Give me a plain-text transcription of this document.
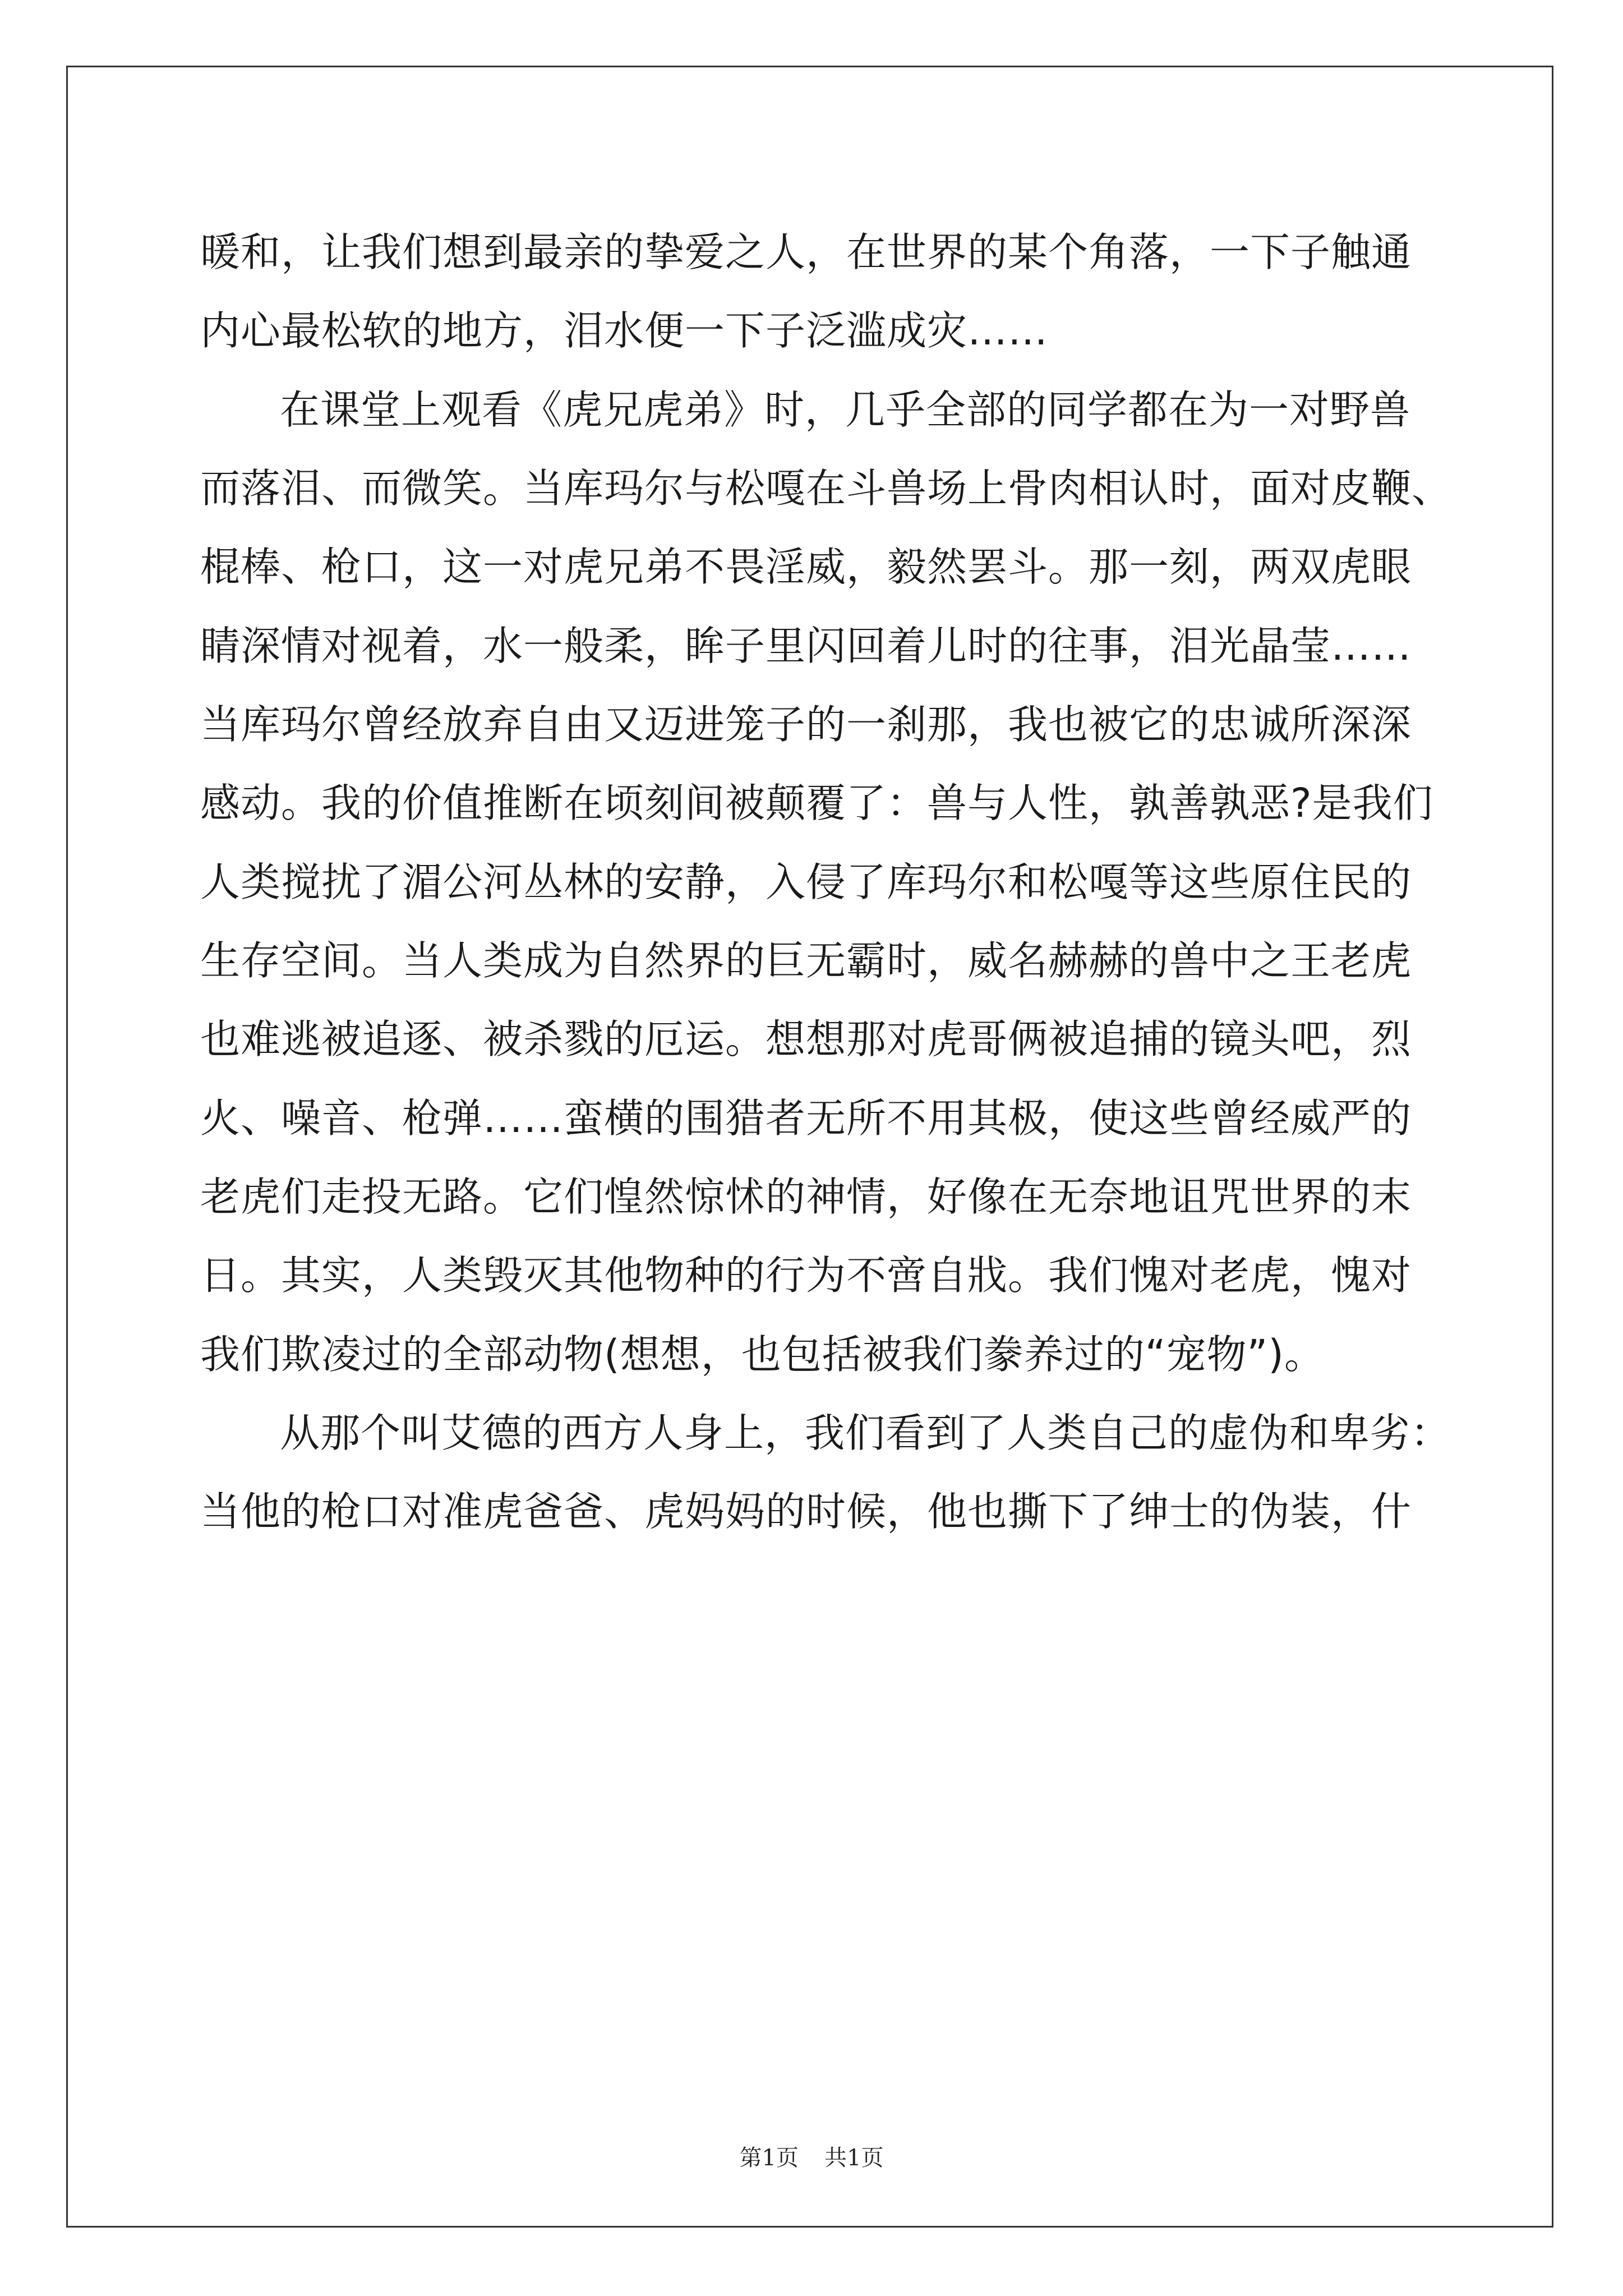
暖和，让我们想到最亲的挚爱之人，在世界的某个角落，一下子触通
内心最松软的地方，泪水便一下子泛滥成灾……
在课堂上观看《虎兄虎弟》时，几乎全部的同学都在为一对野兽
而落泪、而微笑。当库玛尔与松嘎在斗兽场上骨肉相认时，面对皮鞭、
棍棒、枪口，这一对虎兄弟不畏淫威，毅然罢斗。那一刻，两双虎眼
睛深情对视着，水一般柔，眸子里闪回着儿时的往事，泪光晶莹……
当库玛尔曾经放弃自由又迈进笼子的一刹那，我也被它的忠诚所深深
感动。我的价值推断在顷刻间被颠覆了：兽与人性，孰善孰恶?是我们
人类搅扰了湄公河丛林的安静，入侵了库玛尔和松嘎等这些原住民的
生存空间。当人类成为自然界的巨无霸时，威名赫赫的兽中之王老虎
也难逃被追逐、被杀戮的厄运。想想那对虎哥俩被追捕的镜头吧，烈
火、噪音、枪弹……蛮横的围猎者无所不用其极，使这些曾经威严的
老虎们走投无路。它们惶然惊怵的神情，好像在无奈地诅咒世界的末
日。其实，人类毁灭其他物种的行为不啻自戕。我们愧对老虎，愧对
我们欺凌过的全部动物(想想，也包括被我们豢养过的“宠物”)。
从那个叫艾德的西方人身上，我们看到了人类自己的虚伪和卑劣：
当他的枪口对准虎爸爸、虎妈妈的时候，他也撕下了绅士的伪装，什
第1页 共1页
